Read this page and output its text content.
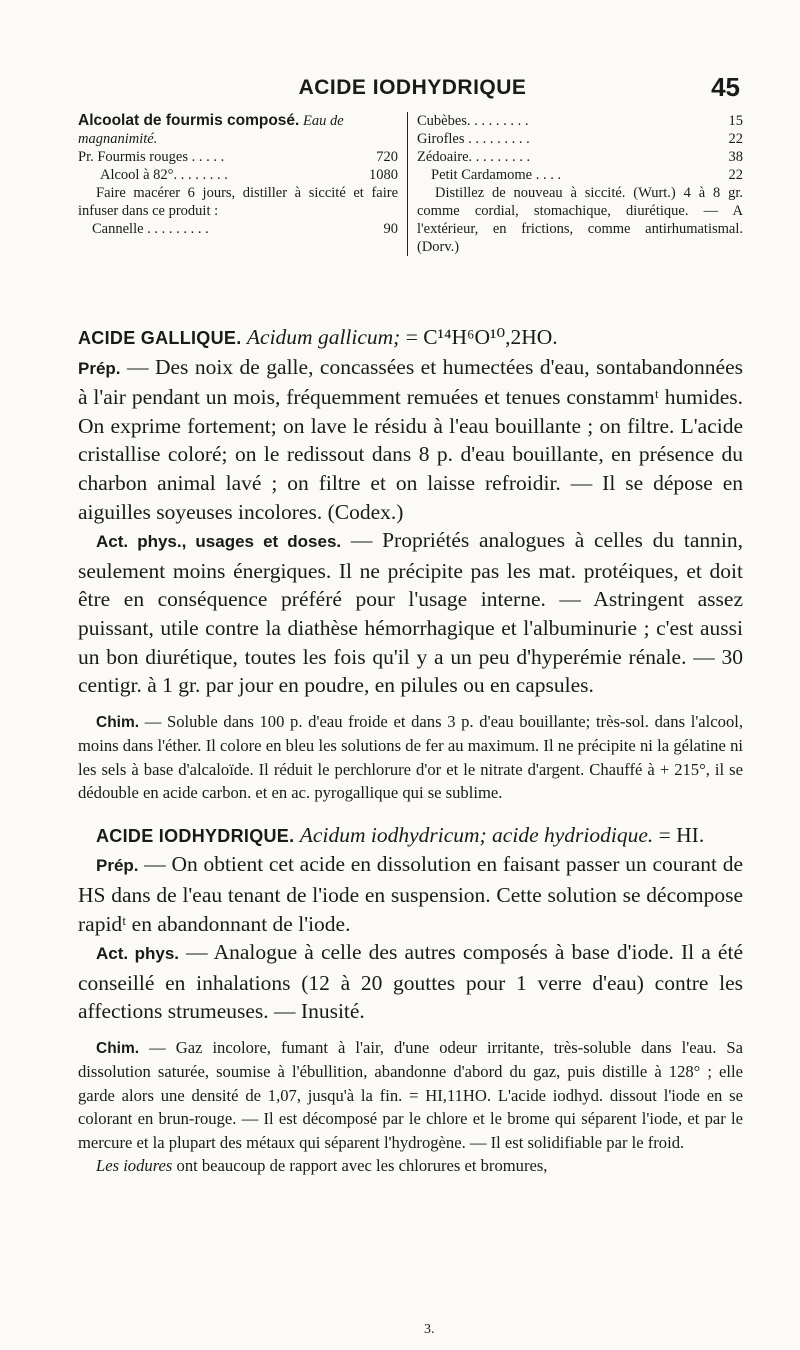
ACIDE IODHYDRIQUE	45
Alcoolat de fourmis composé. Eau de
magnanimité.
Pr. Fourmis rouges . . . . .	720
Alcool à 82°. . . . . . . .	1080
Faire macérer 6 jours, distiller à siccité et faire infuser dans ce produit :
Cannelle . . . . . . . . .	90
Cubèbes. . . . . . . . .	15
Girofles . . . . . . . . .	22
Zédoaire. . . . . . . . .	38
Petit Cardamome . . . .	22
Distillez de nouveau à siccité. (Wurt.) 4 à 8 gr. comme cordial, stomachique, diurétique. — A l'extérieur, en frictions, comme antirhumatismal. (Dorv.)

ACIDE GALLIQUE. Acidum gallicum; = C¹⁴H⁶O¹⁰,2HO.
Prép. — Des noix de galle, concassées et humectées d'eau, sontabandonnées à l'air pendant un mois, fréquemment remuées et tenues constammᵗ humides. On exprime fortement; on lave le résidu à l'eau bouillante ; on filtre. L'acide cristallise coloré; on le redissout dans 8 p. d'eau bouillante, en présence du charbon animal lavé ; on filtre et on laisse refroidir. — Il se dépose en aiguilles soyeuses incolores. (Codex.)

Act. phys., usages et doses. — Propriétés analogues à celles du tannin, seulement moins énergiques. Il ne précipite pas les mat. protéiques, et doit être en conséquence préféré pour l'usage interne. — Astringent assez puissant, utile contre la diathèse hémorrhagique et l'albuminurie ; c'est aussi un bon diurétique, toutes les fois qu'il y a un peu d'hyperémie rénale. — 30 centigr. à 1 gr. par jour en poudre, en pilules ou en capsules.

Chim. — Soluble dans 100 p. d'eau froide et dans 3 p. d'eau bouillante; très-sol. dans l'alcool, moins dans l'éther. Il colore en bleu les solutions de fer au maximum. Il ne précipite ni la gélatine ni les sels à base d'alcaloïde. Il réduit le perchlorure d'or et le nitrate d'argent. Chauffé à + 215°, il se dédouble en acide carbon. et en ac. pyrogallique qui se sublime.

ACIDE IODHYDRIQUE. Acidum iodhydricum; acide hydriodique. = HI.

Prép. — On obtient cet acide en dissolution en faisant passer un courant de HS dans de l'eau tenant de l'iode en suspension. Cette solution se décompose rapidᵗ en abandonnant de l'iode.

Act. phys. — Analogue à celle des autres composés à base d'iode. Il a été conseillé en inhalations (12 à 20 gouttes pour 1 verre d'eau) contre les affections strumeuses. — Inusité.

Chim. — Gaz incolore, fumant à l'air, d'une odeur irritante, très-soluble dans l'eau. Sa dissolution saturée, soumise à l'ébullition, abandonne d'abord du gaz, puis distille à 128° ; elle garde alors une densité de 1,07, jusqu'à la fin. = HI,11HO. L'acide iodhyd. dissout l'iode en se colorant en brun-rouge. — Il est décomposé par le chlore et le brome qui séparent l'iode, et par le mercure et la plupart des métaux qui séparent l'hydrogène. — Il est solidifiable par le froid.

Les iodures ont beaucoup de rapport avec les chlorures et bromures,

3.
